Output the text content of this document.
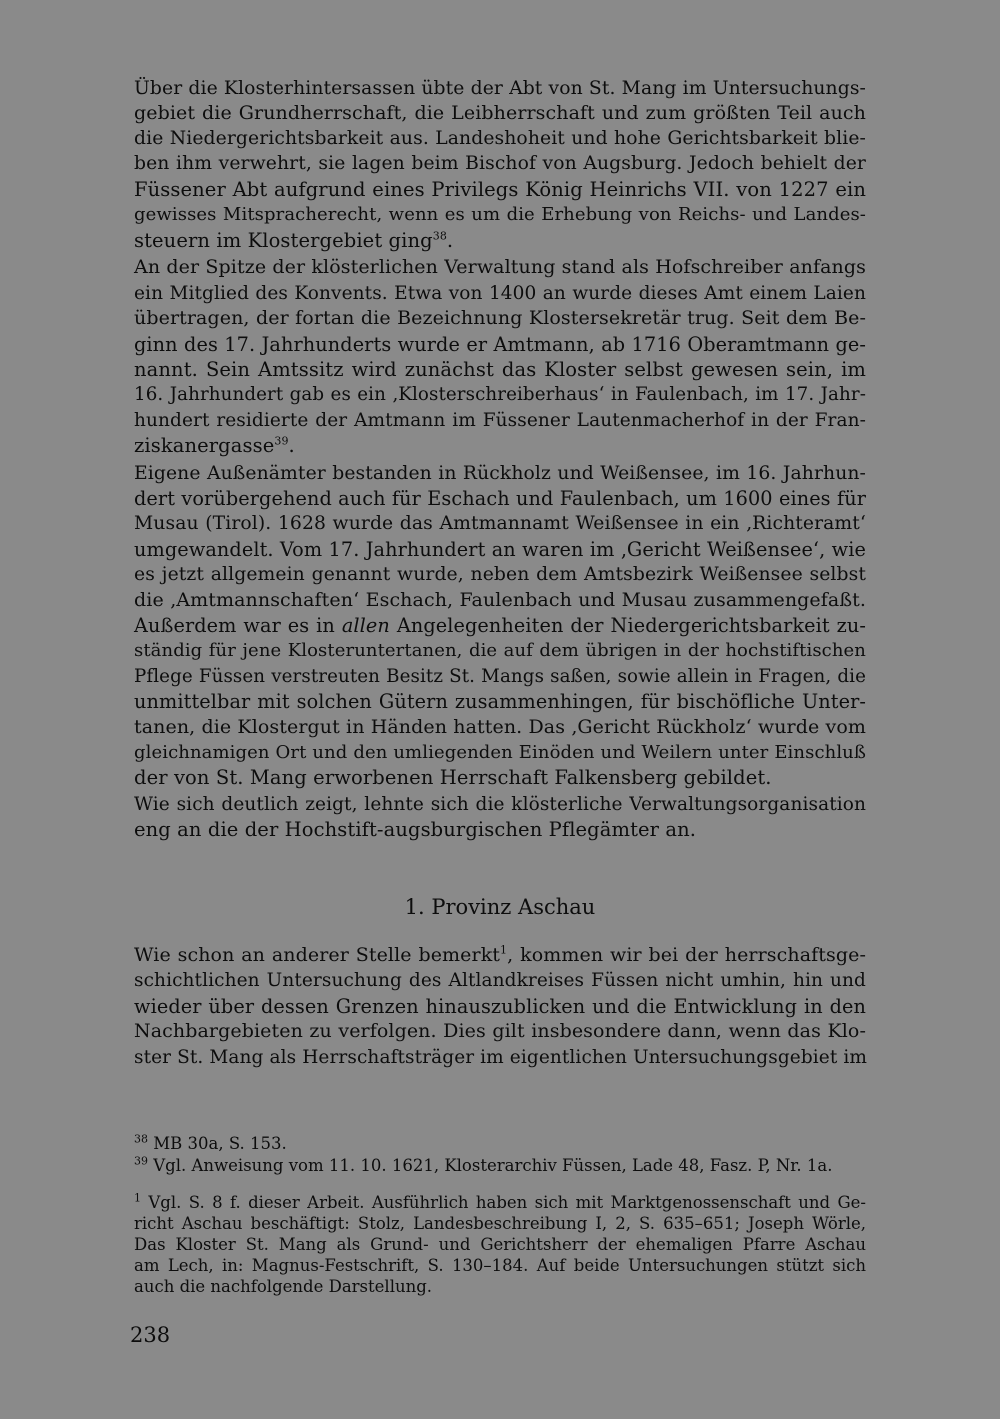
Über die Klosterhintersassen übte der Abt von St. Mang im Untersuchungs-
gebiet die Grundherrschaft, die Leibherrschaft und zum größten Teil auch
die Niedergerichtsbarkeit aus. Landeshoheit und hohe Gerichtsbarkeit blie-
ben ihm verwehrt, sie lagen beim Bischof von Augsburg. Jedoch behielt der
Füssener Abt aufgrund eines Privilegs König Heinrichs VII. von 1227 ein
gewisses Mitspracherecht, wenn es um die Erhebung von Reichs- und Landes-
steuern im Klostergebiet ging$^{38}$.
An der Spitze der klösterlichen Verwaltung stand als Hofschreiber anfangs
ein Mitglied des Konvents. Etwa von 1400 an wurde dieses Amt einem Laien
übertragen, der fortan die Bezeichnung Klostersekretär trug. Seit dem Be-
ginn des 17. Jahrhunderts wurde er Amtmann, ab 1716 Oberamtmann ge-
nannt. Sein Amtssitz wird zunächst das Kloster selbst gewesen sein, im
16. Jahrhundert gab es ein ‚Klosterschreiberhaus‘ in Faulenbach, im 17. Jahr-
hundert residierte der Amtmann im Füssener Lautenmacherhof in der Fran-
ziskanergasse$^{39}$.
Eigene Außenämter bestanden in Rückholz und Weißensee, im 16. Jahrhun-
dert vorübergehend auch für Eschach und Faulenbach, um 1600 eines für
Musau (Tirol). 1628 wurde das Amtmannamt Weißensee in ein ‚Richteramt‘
umgewandelt. Vom 17. Jahrhundert an waren im ‚Gericht Weißensee‘, wie
es jetzt allgemein genannt wurde, neben dem Amtsbezirk Weißensee selbst
die ‚Amtmannschaften‘ Eschach, Faulenbach und Musau zusammengefaßt.
Außerdem war es in allen Angelegenheiten der Niedergerichtsbarkeit zu-
ständig für jene Klosteruntertanen, die auf dem übrigen in der hochstiftischen
Pflege Füssen verstreuten Besitz St. Mangs saßen, sowie allein in Fragen, die
unmittelbar mit solchen Gütern zusammenhingen, für bischöfliche Unter-
tanen, die Klostergut in Händen hatten. Das ‚Gericht Rückholz‘ wurde vom
gleichnamigen Ort und den umliegenden Einöden und Weilern unter Einschluß
der von St. Mang erworbenen Herrschaft Falkensberg gebildet.
Wie sich deutlich zeigt, lehnte sich die klösterliche Verwaltungsorganisation
eng an die der Hochstift-augsburgischen Pflegämter an.
1. Provinz Aschau
Wie schon an anderer Stelle bemerkt$^1$, kommen wir bei der herrschaftsge-
schichtlichen Untersuchung des Altlandkreises Füssen nicht umhin, hin und
wieder über dessen Grenzen hinauszublicken und die Entwicklung in den
Nachbargebieten zu verfolgen. Dies gilt insbesondere dann, wenn das Klo-
ster St. Mang als Herrschaftsträger im eigentlichen Untersuchungsgebiet im
$^{38}$ MB 30a, S. 153.
$^{39}$ Vgl. Anweisung vom 11. 10. 1621, Klosterarchiv Füssen, Lade 48, Fasz. P, Nr. 1a.
$^1$ Vgl. S. 8 f. dieser Arbeit. Ausführlich haben sich mit Marktgenossenschaft und Ge-
richt Aschau beschäftigt: Stolz, Landesbeschreibung I, 2, S. 635–651; Joseph Wörle,
Das Kloster St. Mang als Grund- und Gerichtsherr der ehemaligen Pfarre Aschau
am Lech, in: Magnus-Festschrift, S. 130–184. Auf beide Untersuchungen stützt sich
auch die nachfolgende Darstellung.
238
